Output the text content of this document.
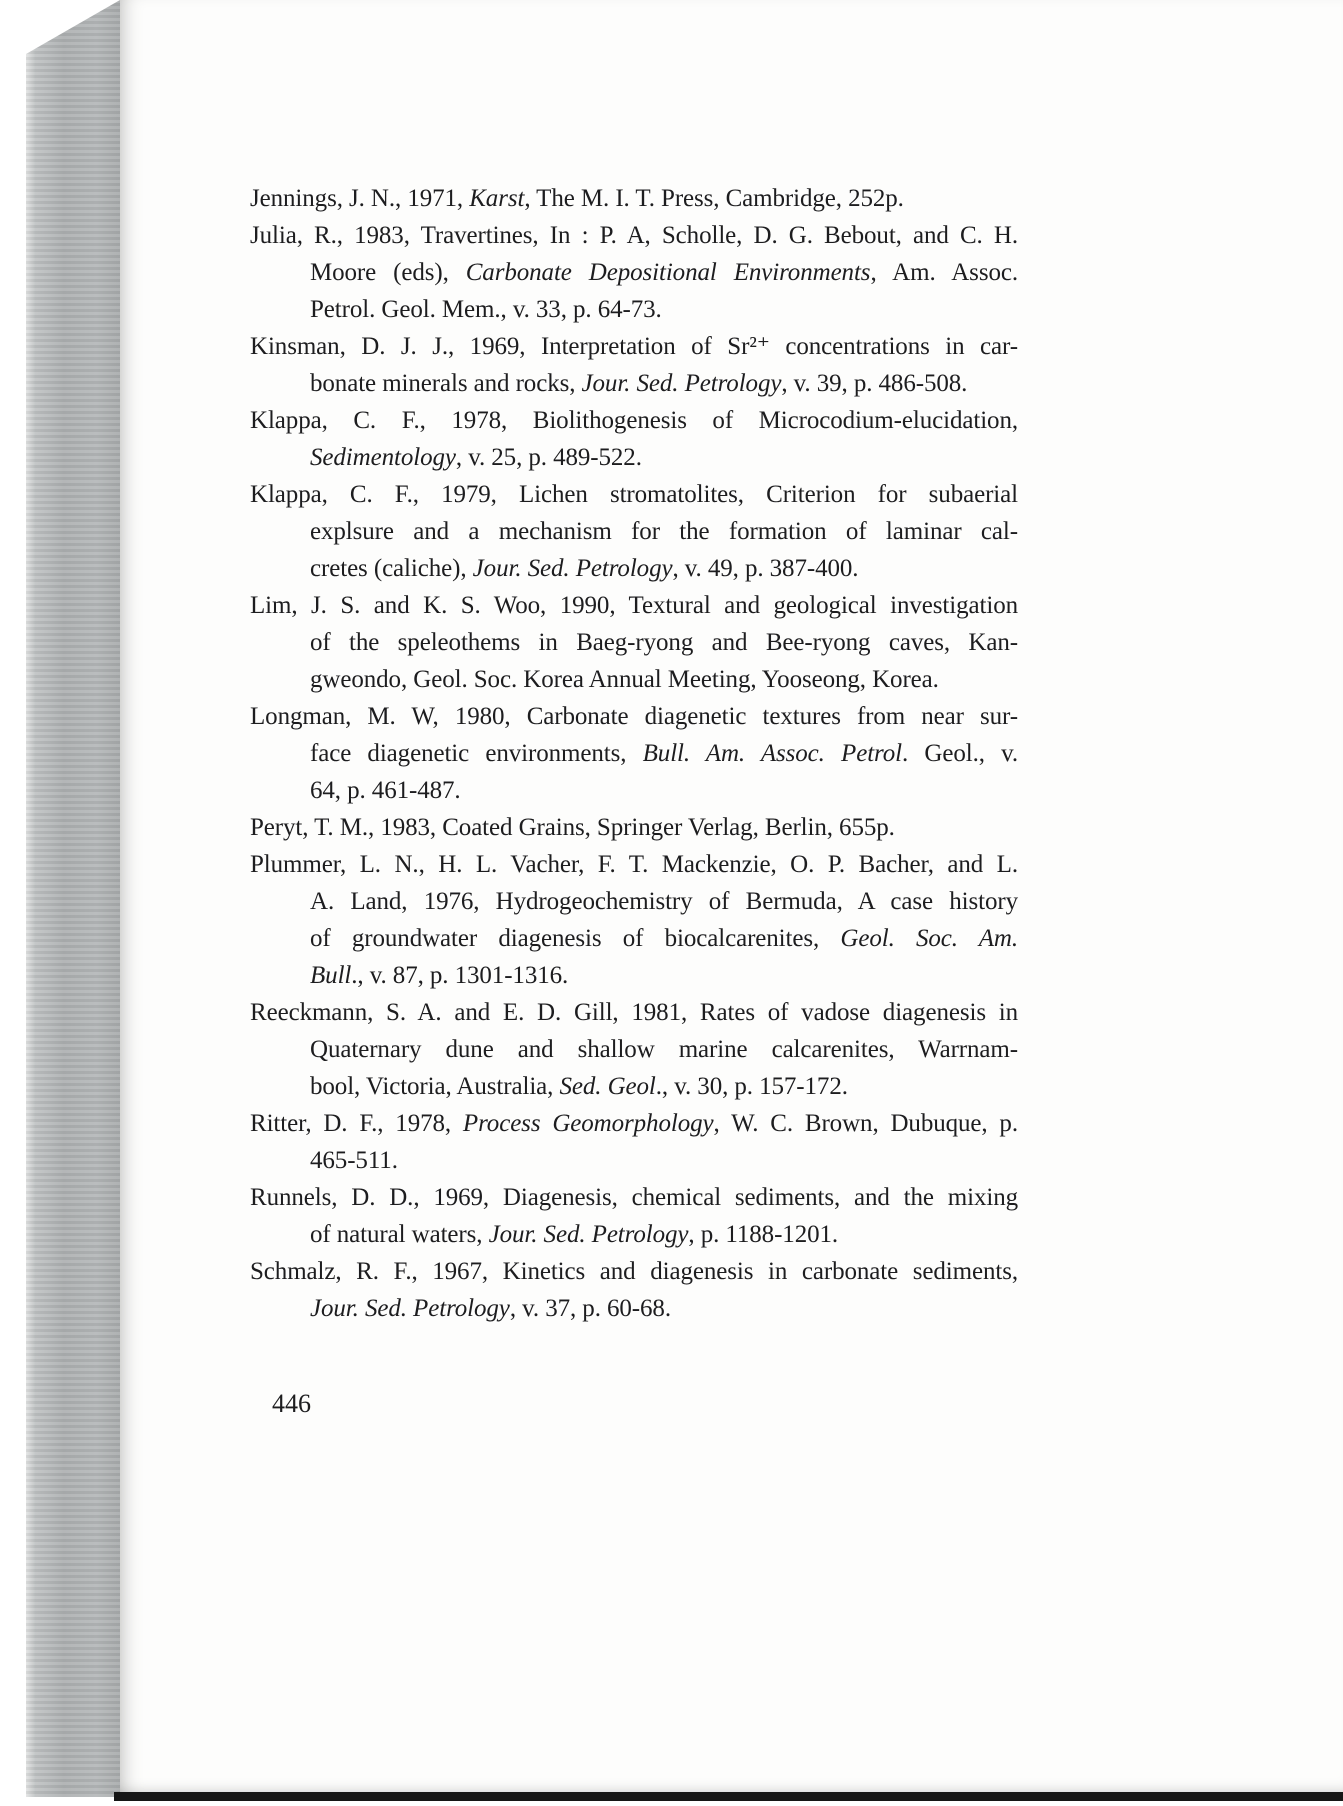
Jennings, J. N., 1971, Karst, The M. I. T. Press, Cambridge, 252p.
Julia, R., 1983, Travertines, In : P. A, Scholle, D. G. Bebout, and C. H.
Moore (eds), Carbonate Depositional Environments, Am. Assoc.
Petrol. Geol. Mem., v. 33, p. 64-73.
Kinsman, D. J. J., 1969, Interpretation of Sr²⁺ concentrations in car-
bonate minerals and rocks, Jour. Sed. Petrology, v. 39, p. 486-508.
Klappa, C. F., 1978, Biolithogenesis of Microcodium-elucidation,
Sedimentology, v. 25, p. 489-522.
Klappa, C. F., 1979, Lichen stromatolites, Criterion for subaerial
explsure and a mechanism for the formation of laminar cal-
cretes (caliche), Jour. Sed. Petrology, v. 49, p. 387-400.
Lim, J. S. and K. S. Woo, 1990, Textural and geological investigation
of the speleothems in Baeg-ryong and Bee-ryong caves, Kan-
gweondo, Geol. Soc. Korea Annual Meeting, Yooseong, Korea.
Longman, M. W, 1980, Carbonate diagenetic textures from near sur-
face diagenetic environments, Bull. Am. Assoc. Petrol. Geol., v.
64, p. 461-487.
Peryt, T. M., 1983, Coated Grains, Springer Verlag, Berlin, 655p.
Plummer, L. N., H. L. Vacher, F. T. Mackenzie, O. P. Bacher, and L.
A. Land, 1976, Hydrogeochemistry of Bermuda, A case history
of groundwater diagenesis of biocalcarenites, Geol. Soc. Am.
Bull., v. 87, p. 1301-1316.
Reeckmann, S. A. and E. D. Gill, 1981, Rates of vadose diagenesis in
Quaternary dune and shallow marine calcarenites, Warrnam-
bool, Victoria, Australia, Sed. Geol., v. 30, p. 157-172.
Ritter, D. F., 1978, Process Geomorphology, W. C. Brown, Dubuque, p.
465-511.
Runnels, D. D., 1969, Diagenesis, chemical sediments, and the mixing
of natural waters, Jour. Sed. Petrology, p. 1188-1201.
Schmalz, R. F., 1967, Kinetics and diagenesis in carbonate sediments,
Jour. Sed. Petrology, v. 37, p. 60-68.
446
